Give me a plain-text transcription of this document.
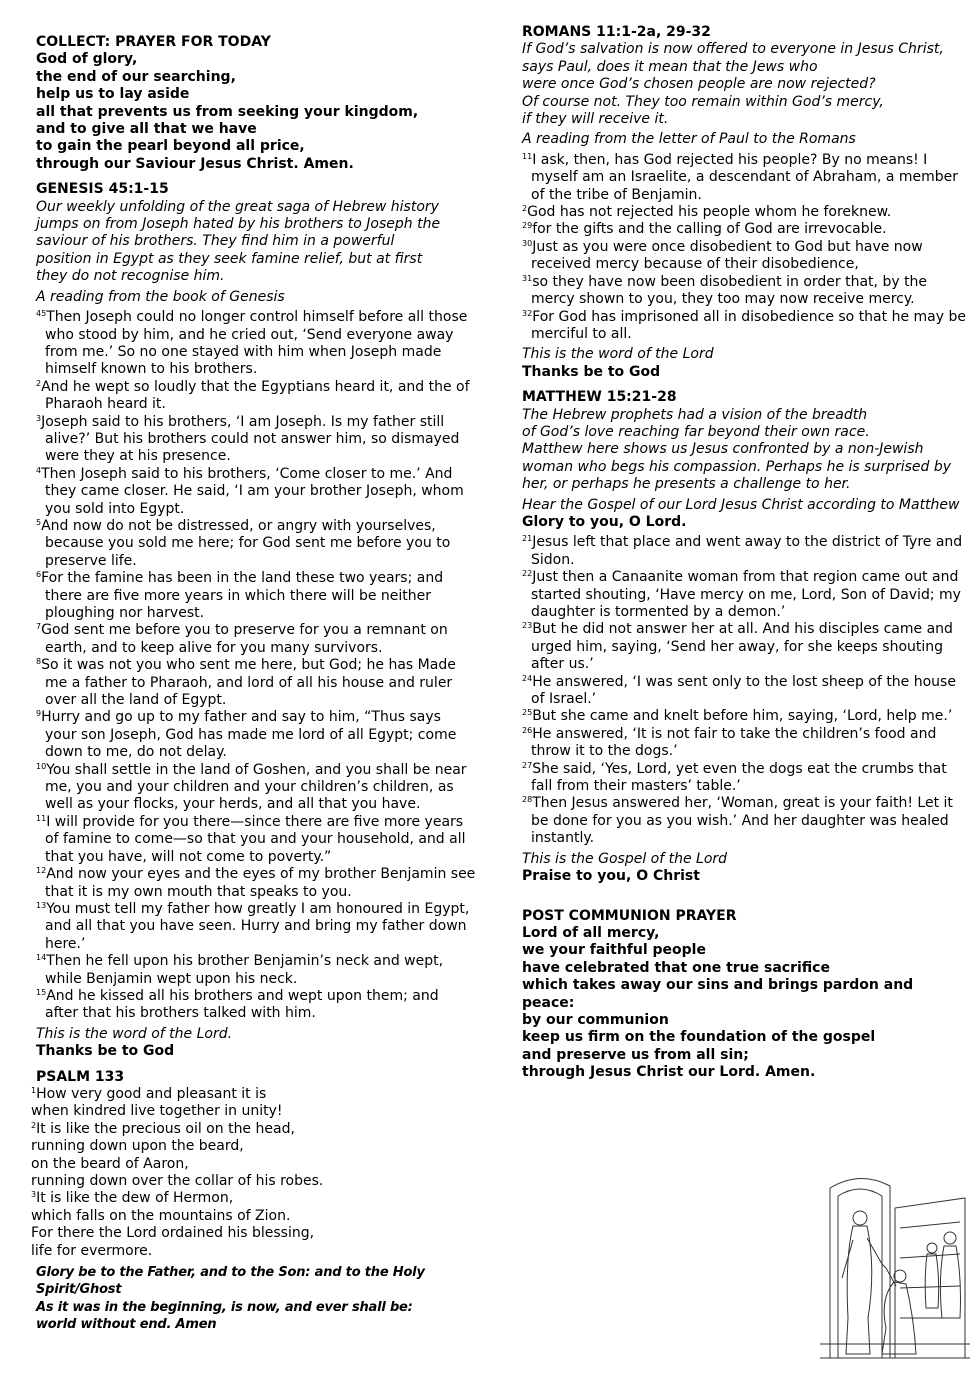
COLLECT: PRAYER FOR TODAY
God of glory,
the end of our searching,
help us to lay aside
all that prevents us from seeking your kingdom,
and to give all that we have
to gain the pearl beyond all price,
through our Saviour Jesus Christ. Amen.
GENESIS 45:1-15
Our weekly unfolding of the great saga of Hebrew history
jumps on from Joseph hated by his brothers to Joseph the
saviour of his brothers. They find him in a powerful
position in Egypt as they seek famine relief, but at first
they do not recognise him.
A reading from the book of Genesis
$^{45}$Then Joseph could no longer control himself before all those who stood by him, and he cried out, ‘Send everyone away from me.’ So no one stayed with him when Joseph made himself known to his brothers.
$^2$And he wept so loudly that the Egyptians heard it, and the of Pharaoh heard it.
$^3$Joseph said to his brothers, ‘I am Joseph. Is my father still alive?’ But his brothers could not answer him, so dismayed were they at his presence.
$^4$Then Joseph said to his brothers, ‘Come closer to me.’ And they came closer. He said, ‘I am your brother Joseph, whom you sold into Egypt.
$^5$And now do not be distressed, or angry with yourselves, because you sold me here; for God sent me before you to preserve life.
$^6$For the famine has been in the land these two years; and there are five more years in which there will be neither ploughing nor harvest.
$^7$God sent me before you to preserve for you a remnant on earth, and to keep alive for you many survivors.
$^8$So it was not you who sent me here, but God; he has Made me a father to Pharaoh, and lord of all his house and ruler over all the land of Egypt.
$^9$Hurry and go up to my father and say to him, “Thus says your son Joseph, God has made me lord of all Egypt; come down to me, do not delay.
$^{10}$You shall settle in the land of Goshen, and you shall be near me, you and your children and your children’s children, as well as your flocks, your herds, and all that you have.
$^{11}$I will provide for you there—since there are five more years of famine to come—so that you and your household, and all that you have, will not come to poverty.”
$^{12}$And now your eyes and the eyes of my brother Benjamin see that it is my own mouth that speaks to you.
$^{13}$You must tell my father how greatly I am honoured in Egypt, and all that you have seen. Hurry and bring my father down here.’
$^{14}$Then he fell upon his brother Benjamin’s neck and wept, while Benjamin wept upon his neck.
$^{15}$And he kissed all his brothers and wept upon them; and after that his brothers talked with him.
This is the word of the Lord.
Thanks be to God
PSALM 133
$^1$How very good and pleasant it is
when kindred live together in unity!
$^2$It is like the precious oil on the head,
running down upon the beard,
on the beard of Aaron,
running down over the collar of his robes.
$^3$It is like the dew of Hermon,
which falls on the mountains of Zion.
For there the Lord ordained his blessing,
life for evermore.
Glory be to the Father, and to the Son: and to the Holy Spirit/Ghost
As it was in the beginning, is now, and ever shall be:
world without end. Amen
ROMANS 11:1-2a, 29-32
If God’s salvation is now offered to everyone in Jesus Christ,
says Paul, does it mean that the Jews who
were once God’s chosen people are now rejected?
Of course not. They too remain within God’s mercy,
if they will receive it.
A reading from the letter of Paul to the Romans
$^{11}$I ask, then, has God rejected his people? By no means! I myself am an Israelite, a descendant of Abraham, a member of the tribe of Benjamin.
$^2$God has not rejected his people whom he foreknew.
$^{29}$for the gifts and the calling of God are irrevocable.
$^{30}$Just as you were once disobedient to God but have now received mercy because of their disobedience,
$^{31}$so they have now been disobedient in order that, by the mercy shown to you, they too may now receive mercy.
$^{32}$For God has imprisoned all in disobedience so that he may be merciful to all.
This is the word of the Lord
Thanks be to God
MATTHEW 15:21-28
The Hebrew prophets had a vision of the breadth
of God’s love reaching far beyond their own race.
Matthew here shows us Jesus confronted by a non-Jewish
woman who begs his compassion. Perhaps he is surprised by
her, or perhaps he presents a challenge to her.
Hear the Gospel of our Lord Jesus Christ according to Matthew
Glory to you, O Lord.
$^{21}$Jesus left that place and went away to the district of Tyre and Sidon.
$^{22}$Just then a Canaanite woman from that region came out and started shouting, ‘Have mercy on me, Lord, Son of David; my daughter is tormented by a demon.’
$^{23}$But he did not answer her at all. And his disciples came and urged him, saying, ‘Send her away, for she keeps shouting after us.’
$^{24}$He answered, ‘I was sent only to the lost sheep of the house of Israel.’
$^{25}$But she came and knelt before him, saying, ‘Lord, help me.’
$^{26}$He answered, ‘It is not fair to take the children’s food and throw it to the dogs.’
$^{27}$She said, ‘Yes, Lord, yet even the dogs eat the crumbs that fall from their masters’ table.’
$^{28}$Then Jesus answered her, ‘Woman, great is your faith! Let it be done for you as you wish.’ And her daughter was healed instantly.
This is the Gospel of the Lord
Praise to you, O Christ
POST COMMUNION PRAYER
Lord of all mercy,
we your faithful people
have celebrated that one true sacrifice
which takes away our sins and brings pardon and peace:
by our communion
keep us firm on the foundation of the gospel
and preserve us from all sin;
through Jesus Christ our Lord. Amen.
